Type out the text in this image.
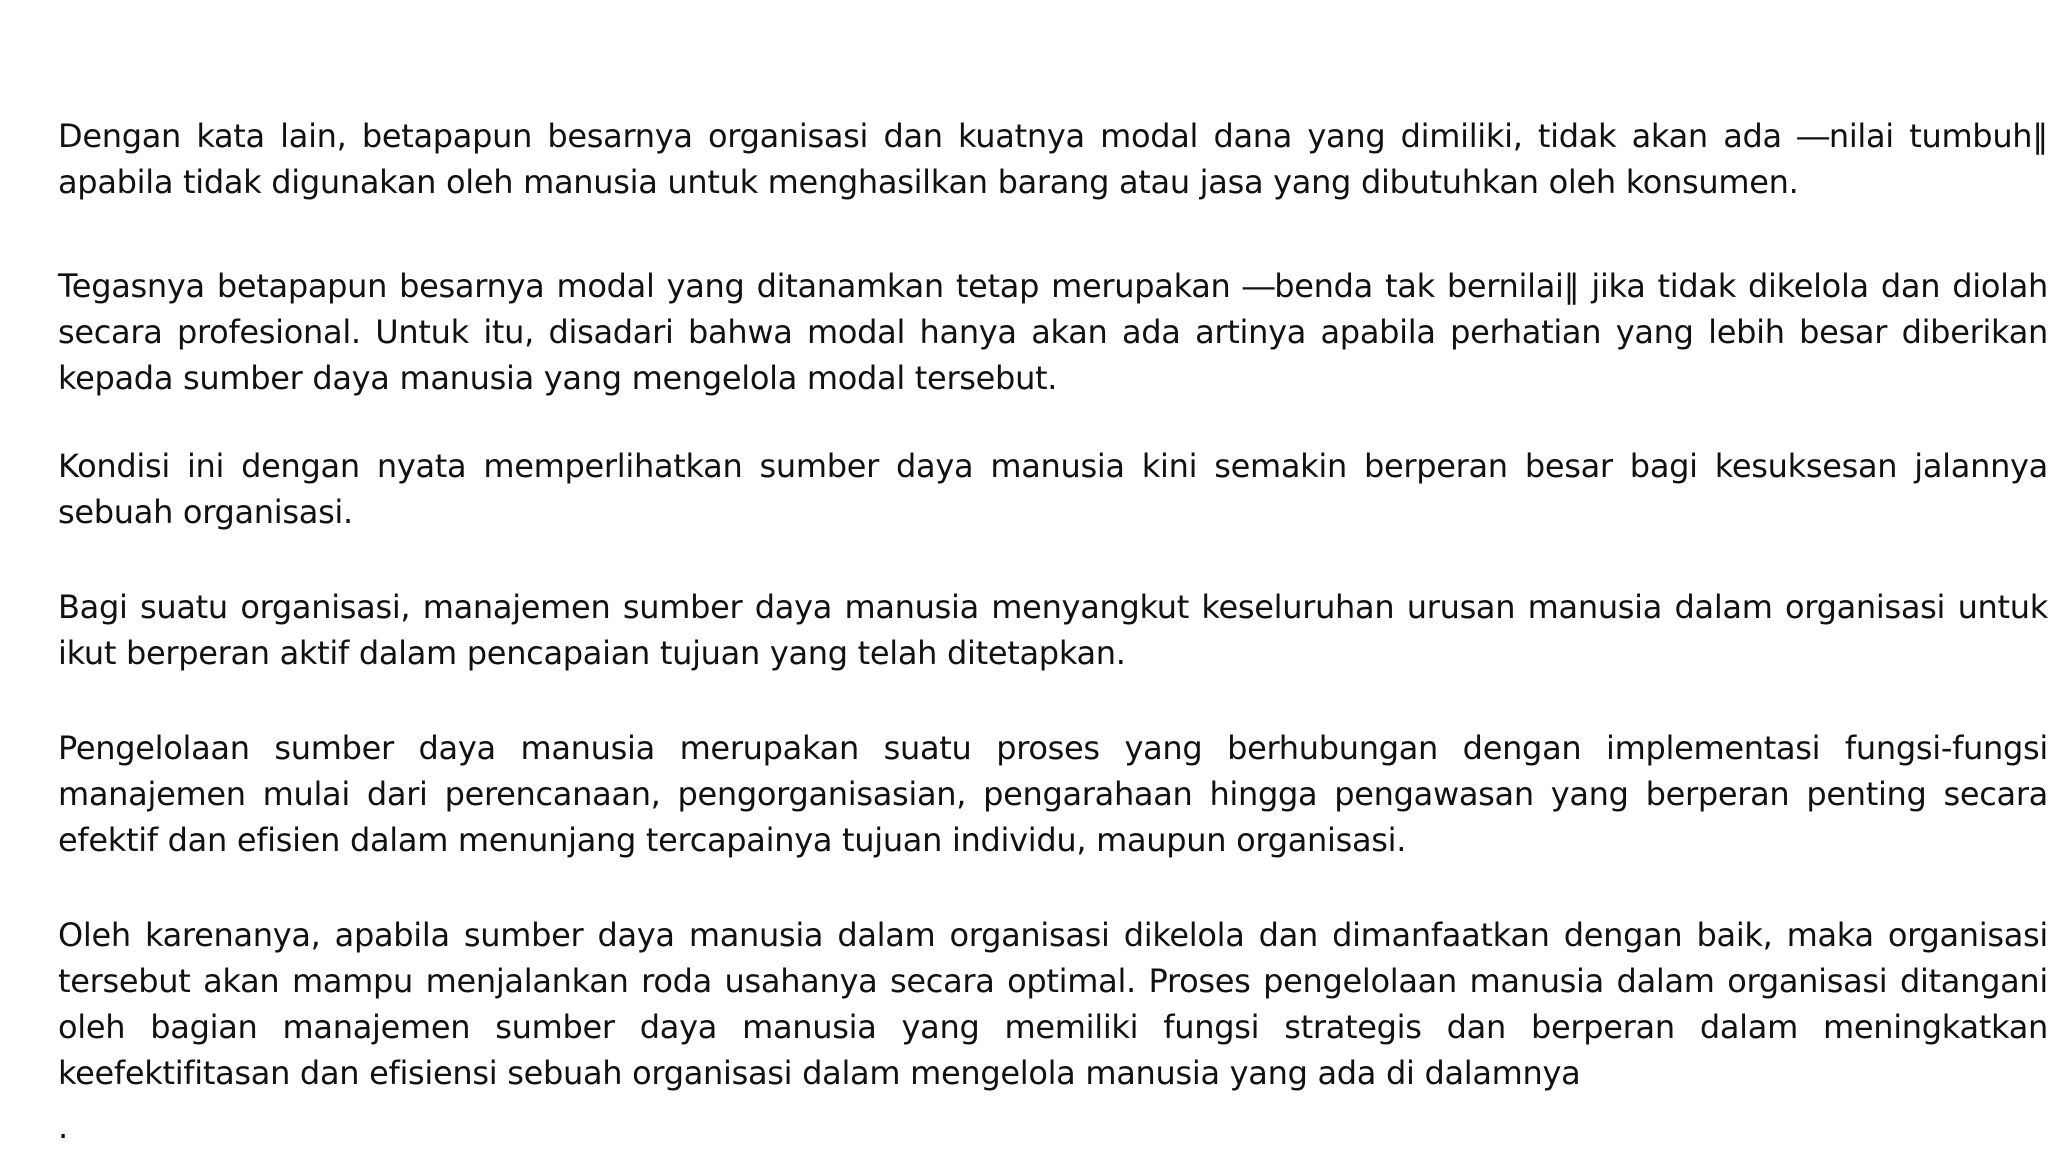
Dengan kata lain, betapapun besarnya organisasi dan kuatnya modal dana yang dimiliki, tidak akan ada ―nilai tumbuh‖ apabila tidak digunakan oleh manusia untuk menghasilkan barang atau jasa yang dibutuhkan oleh konsumen.

Tegasnya betapapun besarnya modal yang ditanamkan tetap merupakan ―benda tak bernilai‖ jika tidak dikelola dan diolah secara profesional. Untuk itu, disadari bahwa modal hanya akan ada artinya apabila perhatian yang lebih besar diberikan kepada sumber daya manusia yang mengelola modal tersebut.

Kondisi ini dengan nyata memperlihatkan sumber daya manusia kini semakin berperan besar bagi kesuksesan jalannya sebuah organisasi.

Bagi suatu organisasi, manajemen sumber daya manusia menyangkut keseluruhan urusan manusia dalam organisasi untuk ikut berperan aktif dalam pencapaian tujuan yang telah ditetapkan.

Pengelolaan sumber daya manusia merupakan suatu proses yang berhubungan dengan implementasi fungsi-fungsi manajemen mulai dari perencanaan, pengorganisasian, pengarahaan hingga pengawasan yang berperan penting secara efektif dan efisien dalam menunjang tercapainya tujuan individu, maupun organisasi.

Oleh karenanya, apabila sumber daya manusia dalam organisasi dikelola dan dimanfaatkan dengan baik, maka organisasi tersebut akan mampu menjalankan roda usahanya secara optimal. Proses pengelolaan manusia dalam organisasi ditangani oleh bagian manajemen sumber daya manusia yang memiliki fungsi strategis dan berperan dalam meningkatkan keefektifitasan dan efisiensi sebuah organisasi dalam mengelola manusia yang ada di dalamnya

.
